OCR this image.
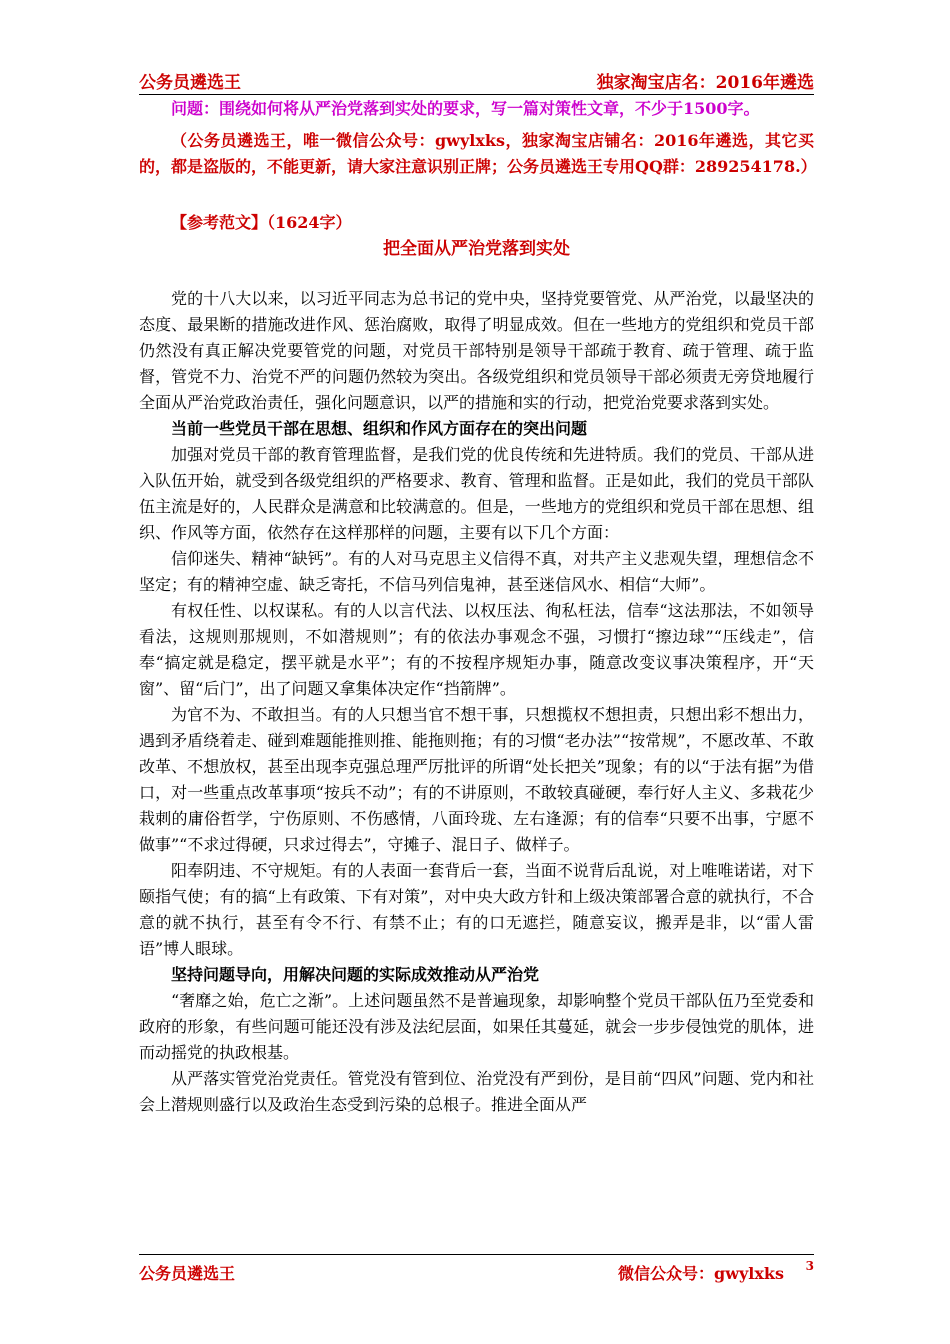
公务员遴选王	独家淘宝店名：2016年遴选

问题：围绕如何将从严治党落到实处的要求，写一篇对策性文章，不少于1500字。

（公务员遴选王，唯一微信公众号：gwylxks，独家淘宝店铺名：2016年遴选，其它买的，都是盗版的，不能更新，请大家注意识别正牌；公务员遴选王专用QQ群：289254178.）

【参考范文】（1624字）

把全面从严治党落到实处

党的十八大以来，以习近平同志为总书记的党中央，坚持党要管党、从严治党，以最坚决的态度、最果断的措施改进作风、惩治腐败，取得了明显成效。但在一些地方的党组织和党员干部仍然没有真正解决党要管党的问题，对党员干部特别是领导干部疏于教育、疏于管理、疏于监督，管党不力、治党不严的问题仍然较为突出。各级党组织和党员领导干部必须责无旁贷地履行全面从严治党政治责任，强化问题意识，以严的措施和实的行动，把党治党要求落到实处。

当前一些党员干部在思想、组织和作风方面存在的突出问题

加强对党员干部的教育管理监督，是我们党的优良传统和先进特质。我们的党员、干部从进入队伍开始，就受到各级党组织的严格要求、教育、管理和监督。正是如此，我们的党员干部队伍主流是好的，人民群众是满意和比较满意的。但是，一些地方的党组织和党员干部在思想、组织、作风等方面，依然存在这样那样的问题，主要有以下几个方面：

信仰迷失、精神“缺钙”。有的人对马克思主义信得不真，对共产主义悲观失望，理想信念不坚定；有的精神空虚、缺乏寄托，不信马列信鬼神，甚至迷信风水、相信“大师”。

有权任性、以权谋私。有的人以言代法、以权压法、徇私枉法，信奉“这法那法，不如领导看法，这规则那规则，不如潜规则”；有的依法办事观念不强，习惯打“擦边球”“压线走”，信奉“搞定就是稳定，摆平就是水平”；有的不按程序规矩办事，随意改变议事决策程序，开“天窗”、留“后门”，出了问题又拿集体决定作“挡箭牌”。

为官不为、不敢担当。有的人只想当官不想干事，只想揽权不想担责，只想出彩不想出力，遇到矛盾绕着走、碰到难题能推则推、能拖则拖；有的习惯“老办法”“按常规”，不愿改革、不敢改革、不想放权，甚至出现李克强总理严厉批评的所谓“处长把关”现象；有的以“于法有据”为借口，对一些重点改革事项“按兵不动”；有的不讲原则，不敢较真碰硬，奉行好人主义、多栽花少栽刺的庸俗哲学，宁伤原则、不伤感情，八面玲珑、左右逢源；有的信奉“只要不出事，宁愿不做事”“不求过得硬，只求过得去”，守摊子、混日子、做样子。

阳奉阴违、不守规矩。有的人表面一套背后一套，当面不说背后乱说，对上唯唯诺诺，对下颐指气使；有的搞“上有政策、下有对策”，对中央大政方针和上级决策部署合意的就执行，不合意的就不执行，甚至有令不行、有禁不止；有的口无遮拦，随意妄议，搬弄是非，以“雷人雷语”博人眼球。

坚持问题导向，用解决问题的实际成效推动从严治党

“奢靡之始，危亡之渐”。上述问题虽然不是普遍现象，却影响整个党员干部队伍乃至党委和政府的形象，有些问题可能还没有涉及法纪层面，如果任其蔓延，就会一步步侵蚀党的肌体，进而动摇党的执政根基。

从严落实管党治党责任。管党没有管到位、治党没有严到份，是目前“四风”问题、党内和社会上潜规则盛行以及政治生态受到污染的总根子。推进全面从严

公务员遴选王	微信公众号：gwylxks 3
